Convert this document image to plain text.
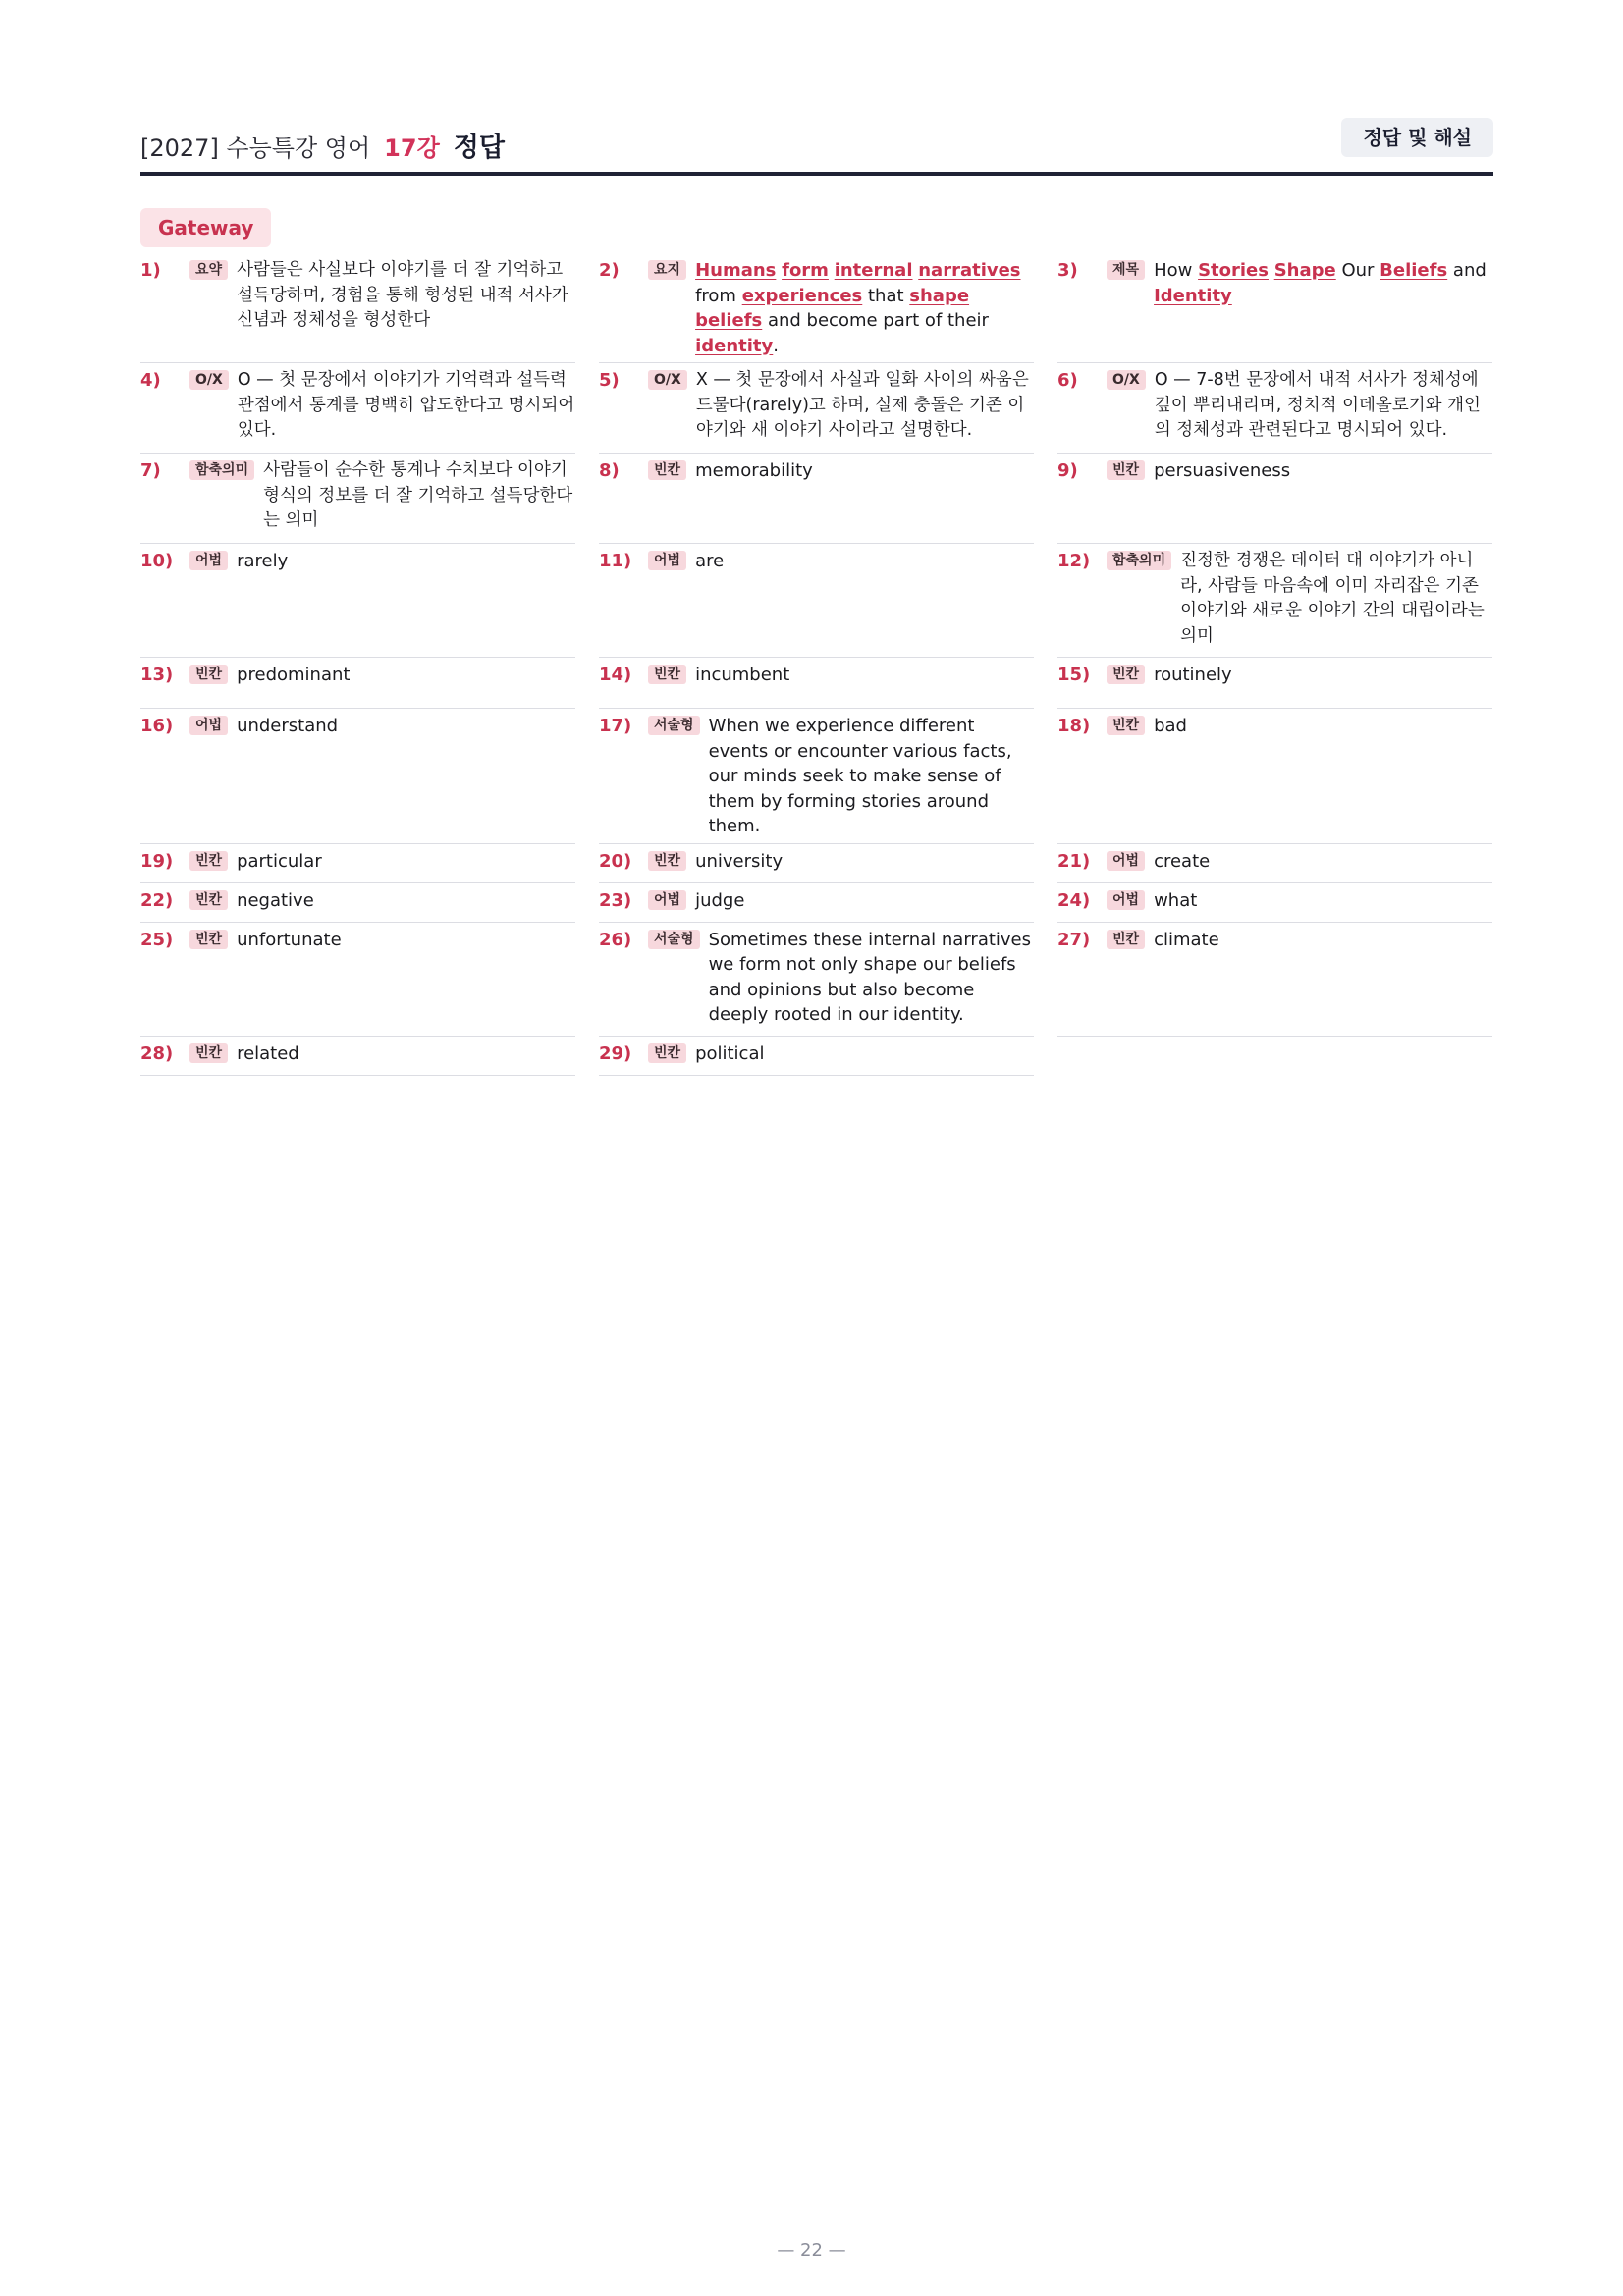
[2027] 수능특강 영어 17강 정답	정답 및 해설
Gateway
1)	요약 사람들은 사실보다 이야기를 더 잘 기억하고 설득당하며, 경험을 통해 형성된 내적 서사가 신념과 정체성을 형성한다
2)	요지 Humans form internal narratives from experiences that shape beliefs and become part of their identity.
3)	제목 How Stories Shape Our Beliefs and Identity
4)	O/X O — 첫 문장에서 이야기가 기억력과 설득력 관점에서 통계를 명백히 압도한다고 명시되어 있다.
5)	O/X X — 첫 문장에서 사실과 일화 사이의 싸움은 드물다(rarely)고 하며, 실제 충돌은 기존 이야기와 새 이야기 사이라고 설명한다.
6)	O/X O — 7-8번 문장에서 내적 서사가 정체성에 깊이 뿌리내리며, 정치적 이데올로기와 개인의 정체성과 관련된다고 명시되어 있다.
7)	함축의미 사람들이 순수한 통계나 수치보다 이야기 형식의 정보를 더 잘 기억하고 설득당한다는 의미
8)	빈칸 memorability	9)	빈칸 persuasiveness
10)	어법 rarely	11)	어법 are	12)	함축의미 진정한 경쟁은 데이터 대 이야기가 아니라, 사람들 마음속에 이미 자리잡은 기존 이야기와 새로운 이야기 간의 대립이라는 의미
13)	빈칸 predominant	14)	빈칸 incumbent	15)	빈칸 routinely
16)	어법 understand	17)	서술형 When we experience different events or encounter various facts, our minds seek to make sense of them by forming stories around them.
18)	빈칸 bad
19)	빈칸 particular	20)	빈칸 university	21)	어법 create
22)	빈칸 negative	23)	어법 judge	24)	어법 what
25)	빈칸 unfortunate	26)	서술형 Sometimes these internal narratives we form not only shape our beliefs and opinions but also become deeply rooted in our identity.
27)	빈칸 climate
28)	빈칸 related	29)	빈칸 political
— 22 —
